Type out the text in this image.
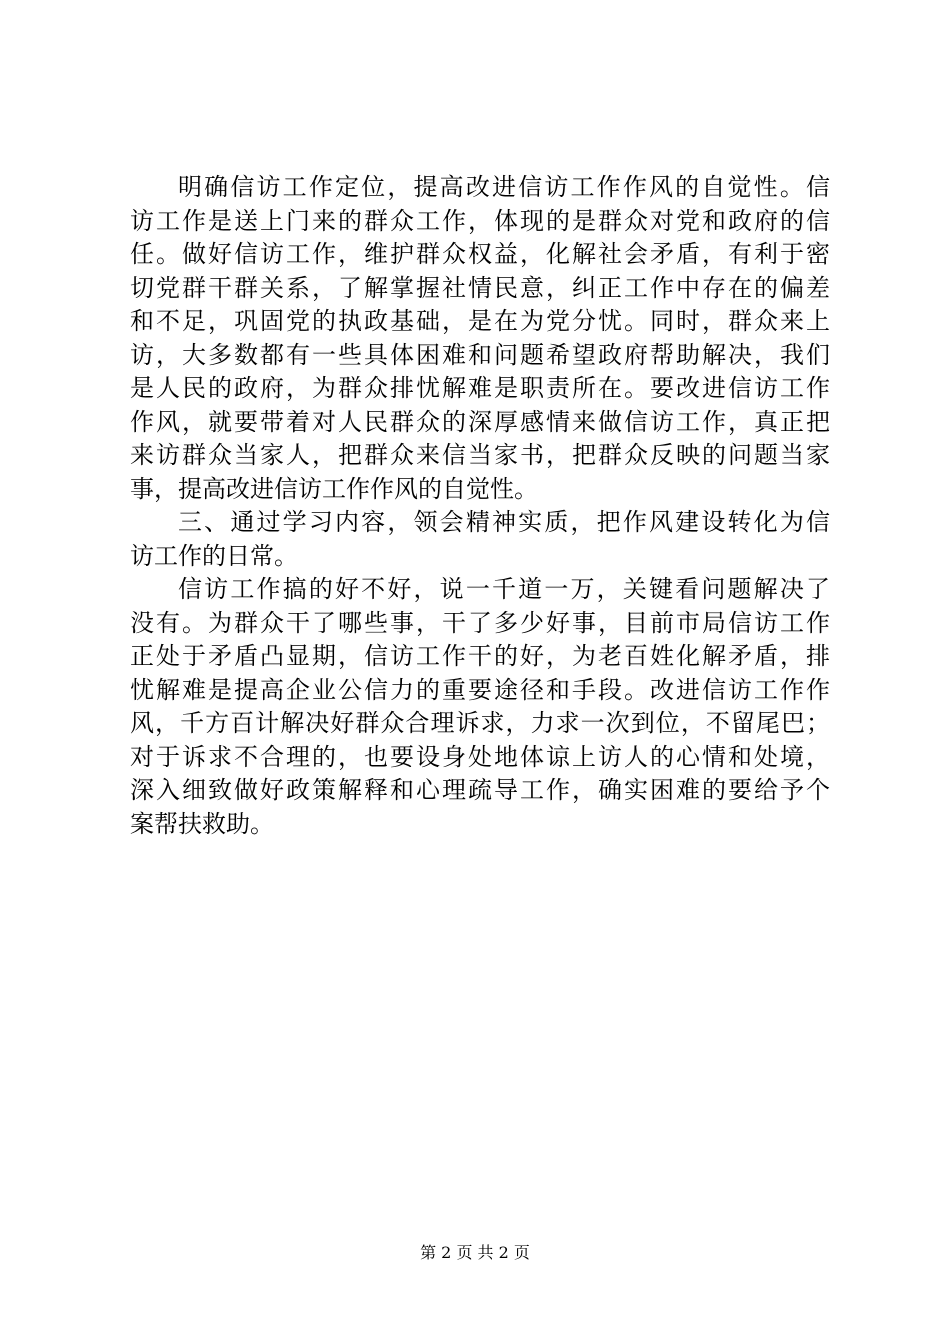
明确信访工作定位，提高改进信访工作作风的自觉性。信
访工作是送上门来的群众工作，体现的是群众对党和政府的信
任。做好信访工作，维护群众权益，化解社会矛盾，有利于密
切党群干群关系，了解掌握社情民意，纠正工作中存在的偏差
和不足，巩固党的执政基础，是在为党分忧。同时，群众来上
访，大多数都有一些具体困难和问题希望政府帮助解决，我们
是人民的政府，为群众排忧解难是职责所在。要改进信访工作
作风，就要带着对人民群众的深厚感情来做信访工作，真正把
来访群众当家人，把群众来信当家书，把群众反映的问题当家
事，提高改进信访工作作风的自觉性。
三、通过学习内容，领会精神实质，把作风建设转化为信
访工作的日常。
信访工作搞的好不好，说一千道一万，关键看问题解决了
没有。为群众干了哪些事，干了多少好事，目前市局信访工作
正处于矛盾凸显期，信访工作干的好，为老百姓化解矛盾，排
忧解难是提高企业公信力的重要途径和手段。改进信访工作作
风，千方百计解决好群众合理诉求，力求一次到位，不留尾巴；
对于诉求不合理的，也要设身处地体谅上访人的心情和处境，
深入细致做好政策解释和心理疏导工作，确实困难的要给予个
案帮扶救助。
第 2 页 共 2 页
